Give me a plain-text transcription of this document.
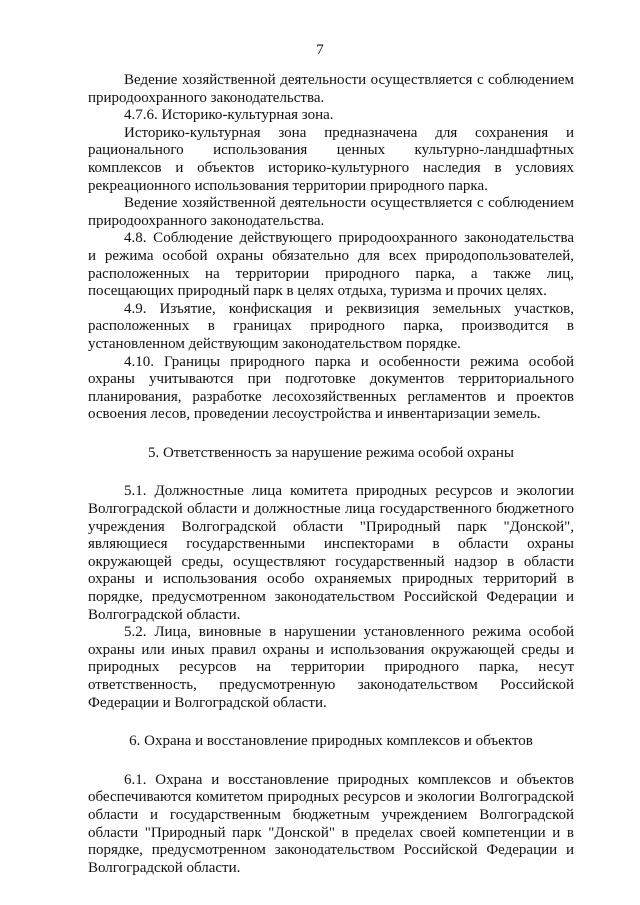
7

Ведение хозяйственной деятельности осуществляется с соблюдением природоохранного законодательства.

4.7.6. Историко-культурная зона.

Историко-культурная зона предназначена для сохранения и рационального использования ценных культурно-ландшафтных комплексов и объектов историко-культурного наследия в условиях рекреационного использования территории природного парка.

Ведение хозяйственной деятельности осуществляется с соблюдением природоохранного законодательства.

4.8. Соблюдение действующего природоохранного законодательства и режима особой охраны обязательно для всех природопользователей, расположенных на территории природного парка, а также лиц, посещающих природный парк в целях отдыха, туризма и прочих целях.

4.9. Изъятие, конфискация и реквизиция земельных участков, расположенных в границах природного парка, производится в установленном действующим законодательством порядке.

4.10. Границы природного парка и особенности режима особой охраны учитываются при подготовке документов территориального планирования, разработке лесохозяйственных регламентов и проектов освоения лесов, проведении лесоустройства и инвентаризации земель.

5. Ответственность за нарушение режима особой охраны

5.1. Должностные лица комитета природных ресурсов и экологии Волгоградской области и должностные лица государственного бюджетного учреждения Волгоградской области "Природный парк "Донской", являющиеся государственными инспекторами в области охраны окружающей среды, осуществляют государственный надзор в области охраны и использования особо охраняемых природных территорий в порядке, предусмотренном законодательством Российской Федерации и Волгоградской области.

5.2. Лица, виновные в нарушении установленного режима особой охраны или иных правил охраны и использования окружающей среды и природных ресурсов на территории природного парка, несут ответственность, предусмотренную законодательством Российской Федерации и Волгоградской области.

6. Охрана и восстановление природных комплексов и объектов

6.1. Охрана и восстановление природных комплексов и объектов обеспечиваются комитетом природных ресурсов и экологии Волгоградской области и государственным бюджетным учреждением Волгоградской области "Природный парк "Донской" в пределах своей компетенции и в порядке, предусмотренном законодательством Российской Федерации и Волгоградской области.
